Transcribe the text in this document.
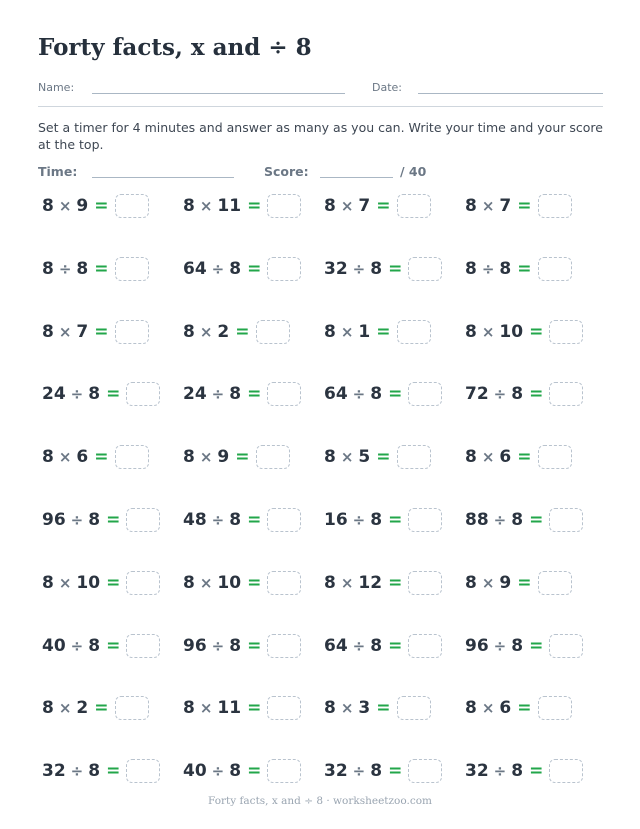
Forty facts, x and ÷ 8
Name:	Date:
Set a timer for 4 minutes and answer as many as you can. Write your time and your score at the top.
Time:	Score:	/ 40
8 × 9 =	8 × 11 =	8 × 7 =	8 × 7 =
8 ÷ 8 =	64 ÷ 8 =	32 ÷ 8 =	8 ÷ 8 =
8 × 7 =	8 × 2 =	8 × 1 =	8 × 10 =
24 ÷ 8 =	24 ÷ 8 =	64 ÷ 8 =	72 ÷ 8 =
8 × 6 =	8 × 9 =	8 × 5 =	8 × 6 =
96 ÷ 8 =	48 ÷ 8 =	16 ÷ 8 =	88 ÷ 8 =
8 × 10 =	8 × 10 =	8 × 12 =	8 × 9 =
40 ÷ 8 =	96 ÷ 8 =	64 ÷ 8 =	96 ÷ 8 =
8 × 2 =	8 × 11 =	8 × 3 =	8 × 6 =
32 ÷ 8 =	40 ÷ 8 =	32 ÷ 8 =	32 ÷ 8 =
Forty facts, x and ÷ 8 · worksheetzoo.com
